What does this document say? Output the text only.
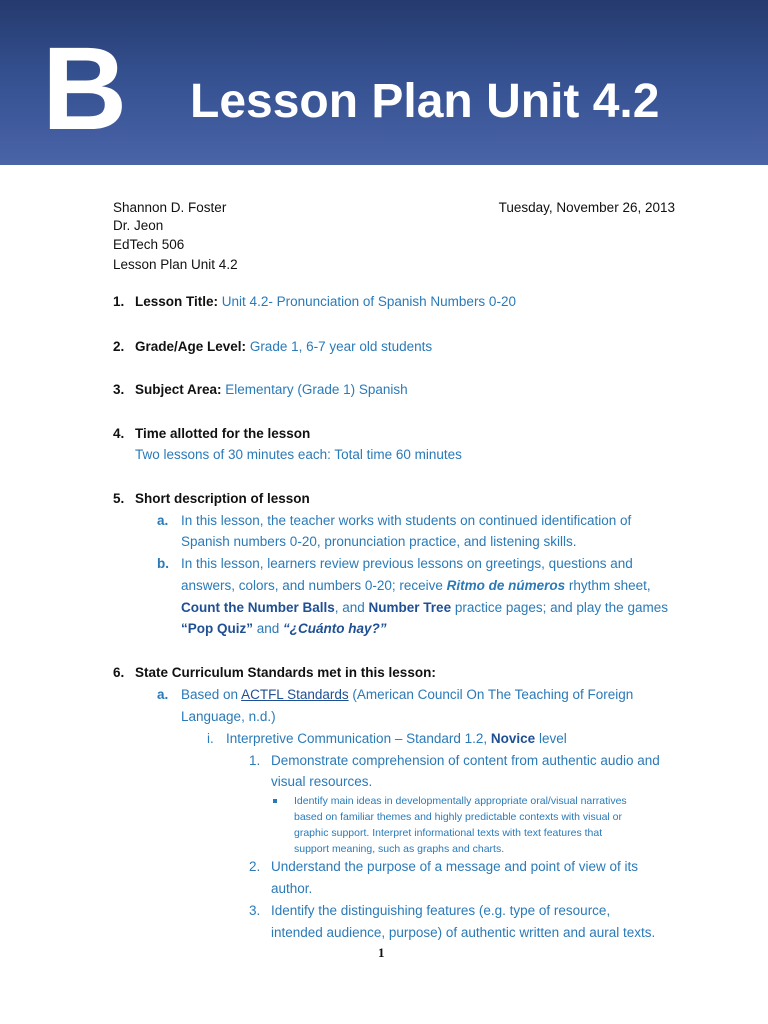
B Lesson Plan Unit 4.2
Shannon D. Foster
Dr. Jeon
EdTech 506
Lesson Plan Unit 4.2
Tuesday, November 26, 2013
1. Lesson Title: Unit 4.2- Pronunciation of Spanish Numbers 0-20
2. Grade/Age Level: Grade 1, 6-7 year old students
3. Subject Area: Elementary (Grade 1) Spanish
4. Time allotted for the lesson
Two lessons of 30 minutes each: Total time 60 minutes
5. Short description of lesson
a. In this lesson, the teacher works with students on continued identification of
Spanish numbers 0-20, pronunciation practice, and listening skills.
b. In this lesson, learners review previous lessons on greetings, questions and
answers, colors, and numbers 0-20; receive Ritmo de números rhythm sheet,
Count the Number Balls, and Number Tree practice pages; and play the games
“Pop Quiz” and “¿Cuánto hay?”
6. State Curriculum Standards met in this lesson:
a. Based on ACTFL Standards (American Council On The Teaching of Foreign
Language, n.d.)
i. Interpretive Communication – Standard 1.2, Novice level
1. Demonstrate comprehension of content from authentic audio and
visual resources.
Identify main ideas in developmentally appropriate oral/visual narratives
based on familiar themes and highly predictable contexts with visual or
graphic support. Interpret informational texts with text features that
support meaning, such as graphs and charts.
2. Understand the purpose of a message and point of view of its
author.
3. Identify the distinguishing features (e.g. type of resource,
intended audience, purpose) of authentic written and aural texts.
1
